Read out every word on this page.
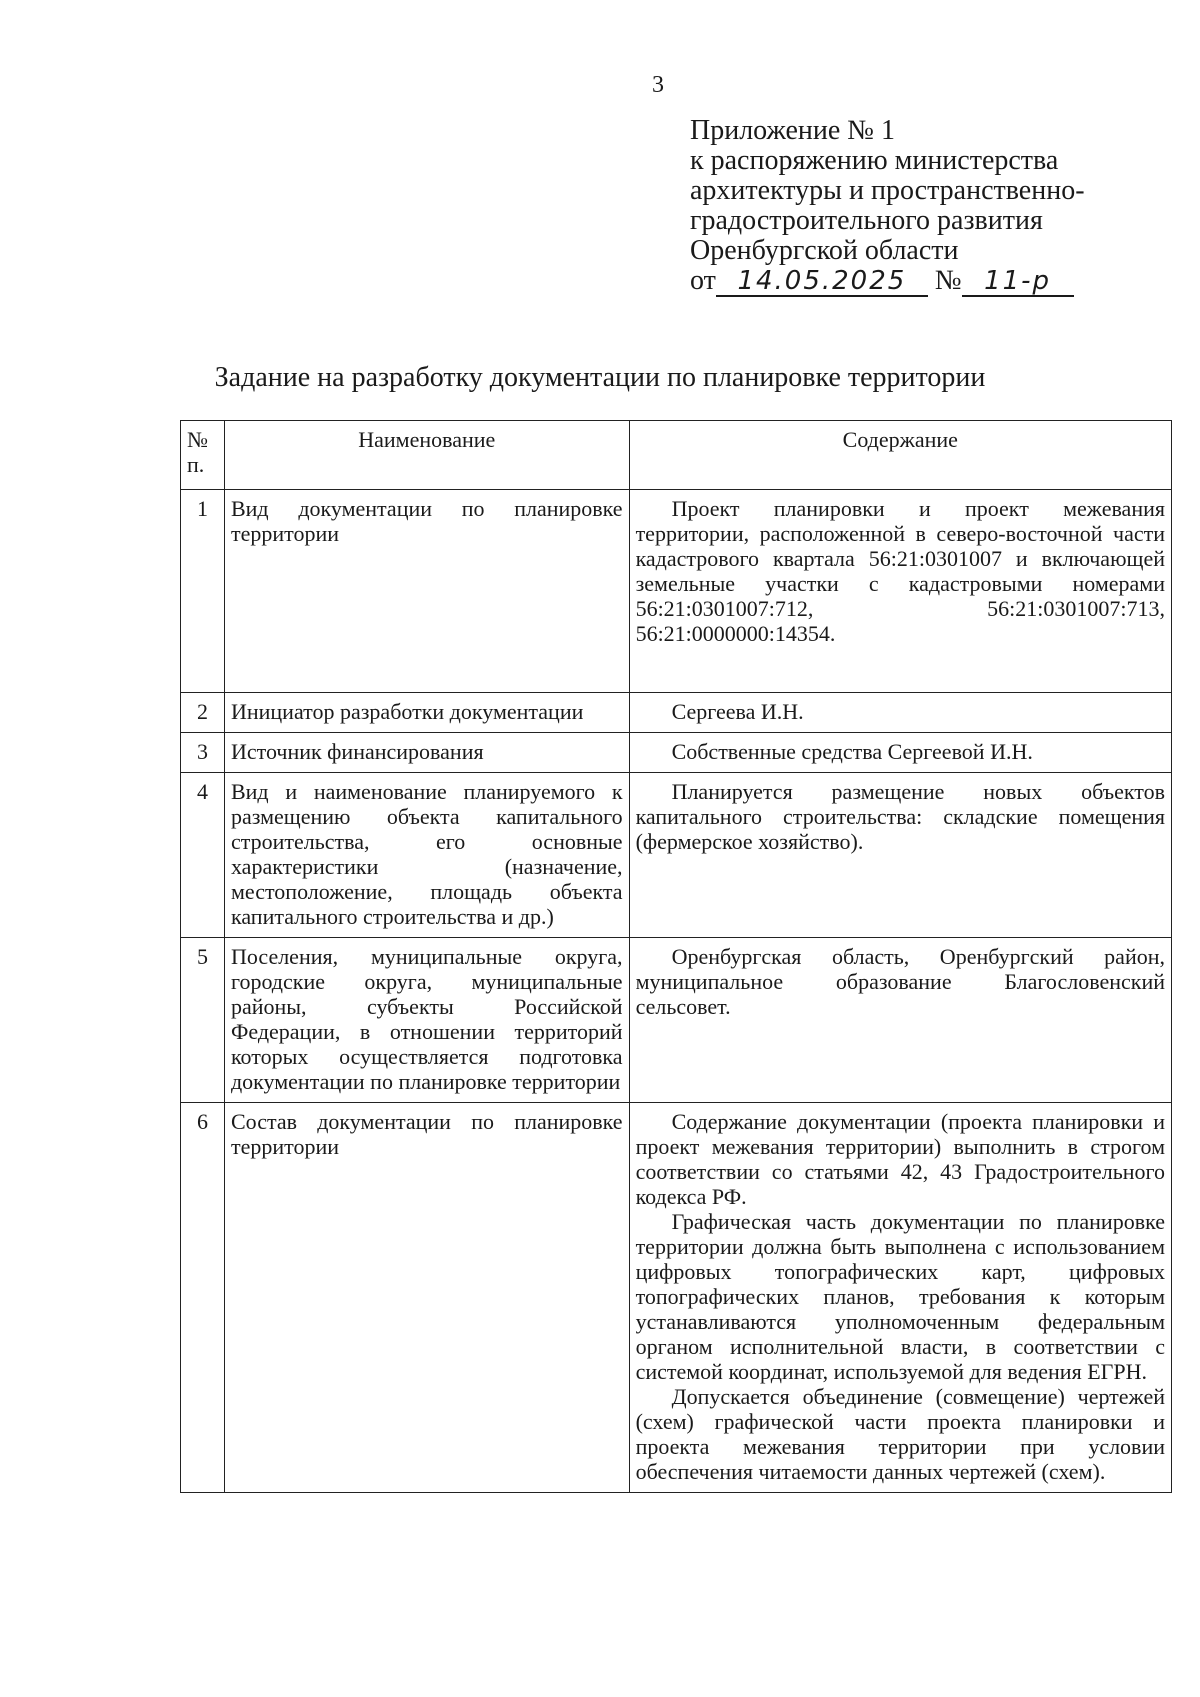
3
Приложение № 1
к распоряжению министерства
архитектуры и пространственно-
градостроительного развития
Оренбургской области
от 14.05.2025 № 11-р
Задание на разработку документации по планировке территории
№ п.	Наименование	Содержание
1	Вид документации по планировке территории	Проект планировки и проект межевания территории, расположенной в северо-восточной части кадастрового квартала 56:21:0301007 и включающей земельные участки с кадастровыми номерами 56:21:0301007:712, 56:21:0301007:713, 56:21:0000000:14354.

2	Инициатор разработки документации	Сергеева И.Н.

3	Источник финансирования	Собственные средства Сергеевой И.Н.

4	Вид и наименование планируемого к размещению объекта капитального строительства, его основные характеристики (назначение, местоположение, площадь объекта капитального строительства и др.)	Планируется размещение новых объектов капитального строительства: складские помещения (фермерское хозяйство).

5	Поселения, муниципальные округа, городские округа, муниципальные районы, субъекты Российской Федерации, в отношении территорий которых осуществляется подготовка документации по планировке территории	Оренбургская область, Оренбургский район, муниципальное образование Благословенский сельсовет.

6	Состав документации по планировке территории	Содержание документации (проекта планировки и проект межевания территории) выполнить в строгом соответствии со статьями 42, 43 Градостроительного кодекса РФ.

Графическая часть документации по планировке территории должна быть выполнена с использованием цифровых топографических карт, цифровых топографических планов, требования к которым устанавливаются уполномоченным федеральным органом исполнительной власти, в соответствии с системой координат, используемой для ведения ЕГРН.

Допускается объединение (совмещение) чертежей (схем) графической части проекта планировки и проекта межевания территории при условии обеспечения читаемости данных чертежей (схем).
